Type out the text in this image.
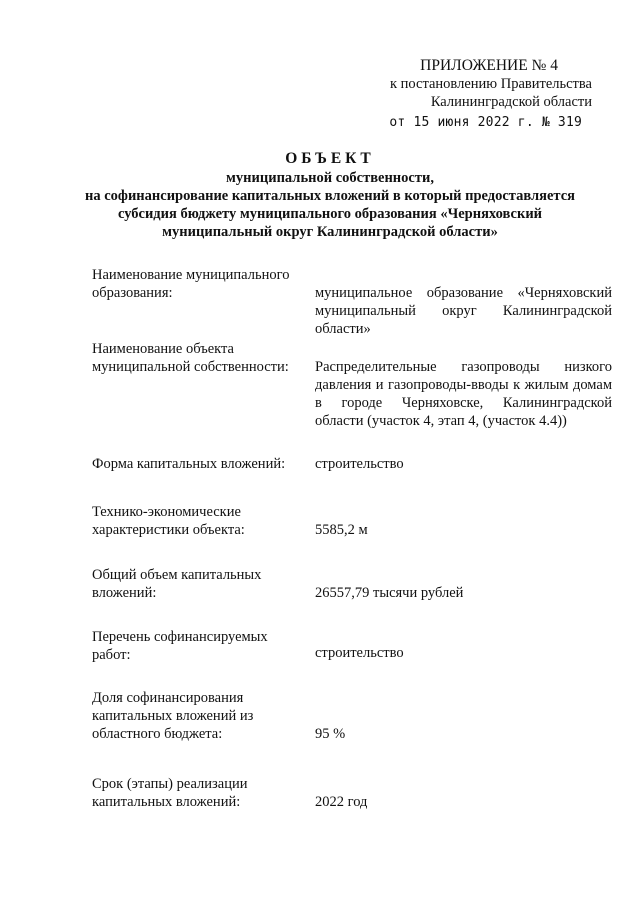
ПРИЛОЖЕНИЕ № 4
к постановлению Правительства
Калининградской области
от 15 июня 2022 г. № 319
ОБЪЕКТ
муниципальной собственности,
на софинансирование капитальных вложений в который предоставляется
субсидия бюджету муниципального образования «Черняховский
муниципальный округ Калининградской области»
Наименование муниципального
образования:	муниципальное образование «Черняховский муниципальный округ Калининградской области»
Наименование объекта
муниципальной собственности:	Распределительные газопроводы низкого давления и газопроводы-вводы к жилым домам в городе Черняховске, Калининградской области (участок 4, этап 4, (участок 4.4))
Форма капитальных вложений:	строительство
Технико-экономические
характеристики объекта:	5585,2 м
Общий объем капитальных
вложений:	26557,79 тысячи рублей
Перечень софинансируемых
работ:	строительство
Доля софинансирования
капитальных вложений из
областного бюджета:	95 %
Срок (этапы) реализации
капитальных вложений:	2022 год
